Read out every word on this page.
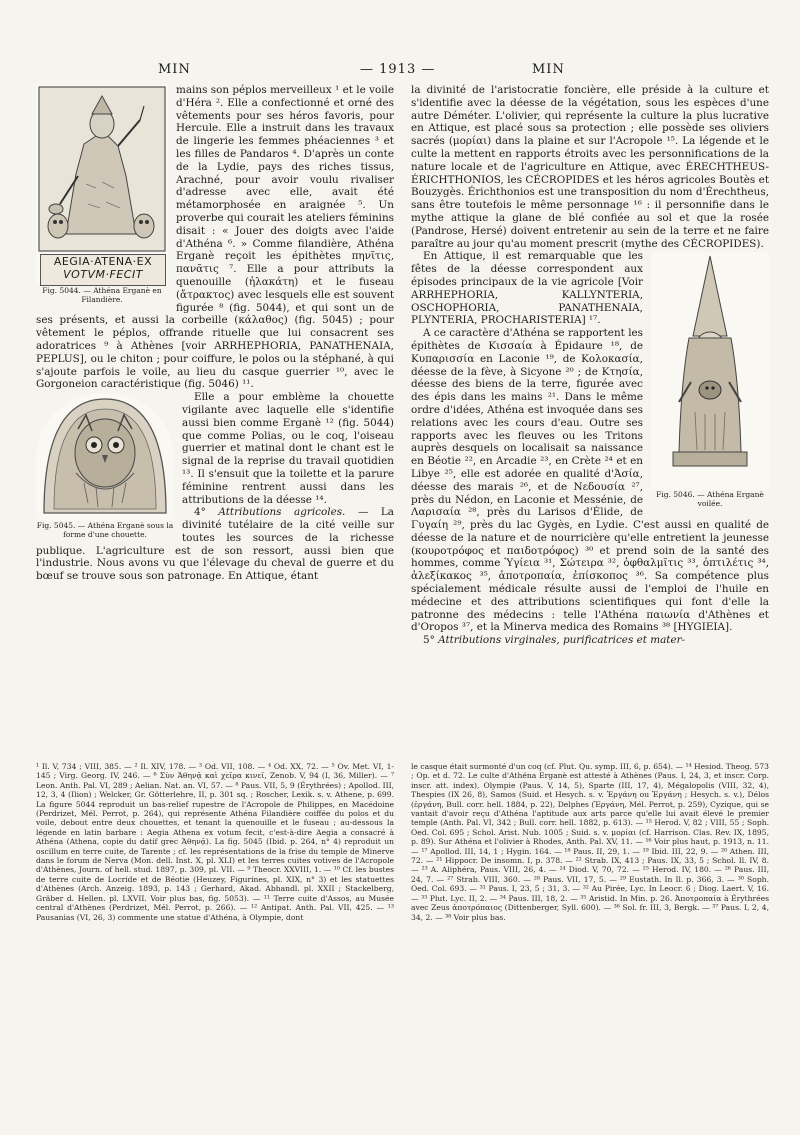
MIN	— 1913 —	MIN
AEGIA·ATENA·EX
VOTVM·FECIT
Fig. 5044. — Athéna Erganè en Filandière.

mains son péplos merveilleux ¹ et le voile d'Héra ². Elle a confectionné et orné des vêtements pour ses héros favoris, pour Hercule. Elle a instruit dans les travaux de lingerie les femmes phéaciennes ³ et les filles de Pandaros ⁴. D'après un conte de la Lydie, pays des riches tissus, Arachné, pour avoir voulu rivaliser d'adresse avec elle, avait été métamorphosée en araignée ⁵. Un proverbe qui courait les ateliers féminins disait : « Jouer des doigts avec l'aide d'Athéna ⁶. » Comme filandière, Athéna Erganè reçoit les épithètes πηνῖτις, πανᾶτις ⁷. Elle a pour attributs la quenouille (ἠλακάτη) et le fuseau (ἄτρακτος) avec lesquels elle est souvent figurée ⁸ (fig. 5044), et qui sont un de ses présents, et aussi la corbeille (κάλαθος) (fig. 5045) ; pour vêtement le péplos, offrande rituelle que lui consacrent ses adoratrices ⁹ à Athènes [voir ARRHEPHORIA, PANATHENAIA, PEPLUS], ou le chiton ; pour coiffure, le polos ou la stéphané, à qui s'ajoute parfois le voile, au lieu du casque guerrier ¹⁰, avec le Gorgoneion caractéristique (fig. 5046) ¹¹.

Fig. 5045. — Athéna Erganè sous la forme d'une chouette.
Elle a pour emblème la chouette vigilante avec laquelle elle s'identifie aussi bien comme Erganè ¹² (fig. 5044) que comme Polias, ou le coq, l'oiseau guerrier et matinal dont le chant est le signal de la reprise du travail quotidien ¹³. Il s'ensuit que la toilette et la parure féminine rentrent aussi dans les attributions de la déesse ¹⁴.

4° Attributions agricoles. — La divinité tutélaire de la cité veille sur toutes les sources de la richesse publique. L'agriculture est de son ressort, aussi bien que l'industrie. Nous avons vu que l'élevage du cheval de guerre et du bœuf se trouve sous son patronage. En Attique, étant

la divinité de l'aristocratie foncière, elle préside à la culture et s'identifie avec la déesse de la végétation, sous les espèces d'une autre Déméter. L'olivier, qui représente la culture la plus lucrative en Attique, est placé sous sa protection ; elle possède ses oliviers sacrés (μορίαι) dans la plaine et sur l'Acropole ¹⁵. La légende et le culte la mettent en rapports étroits avec les personnifications de la nature locale et de l'agriculture en Attique, avec ÉRECHTHEUS-ÉRICHTHONIOS, les CÉCROPIDES et les héros agricoles Boutès et Bouzygès. Érichthonios est une transposition du nom d'Érechtheus, sans être toutefois le même personnage ¹⁶ : il personnifie dans le mythe attique la glane de blé confiée au sol et que la rosée (Pandrose, Hersé) doivent entretenir au sein de la terre et ne faire paraître au jour qu'au moment prescrit (mythe des CÉCROPIDES).

Fig. 5046. — Athéna Erganè voilée.

En Attique, il est remarquable que les fêtes de la déesse correspondent aux épisodes principaux de la vie agricole [Voir ARRHEPHORIA, KALLYNTERIA, OSCHOPHORIA, PANATHENAIA, PLYNTERIA, PROCHARISTERIA] ¹⁷.

A ce caractère d'Athéna se rapportent les épithètes de Κισσαία à Épidaure ¹⁸, de Κυπαρισσία en Laconie ¹⁹, de Κολοκασία, déesse de la fève, à Sicyone ²⁰ ; de Κτησία, déesse des biens de la terre, figurée avec des épis dans les mains ²¹. Dans le même ordre d'idées, Athéna est invoquée dans ses relations avec les cours d'eau. Outre ses rapports avec les fleuves ou les Tritons auprès desquels on localisait sa naissance en Béotie ²², en Arcadie ²³, en Crète ²⁴ et en Libye ²⁵, elle est adorée en qualité d'Ἀσία, déesse des marais ²⁶, et de Νεδουσία ²⁷, près du Nédon, en Laconie et Messénie, de Λαρισαία ²⁸, près du Larisos d'Élide, de Γυγαίη ²⁹, près du lac Gygès, en Lydie. C'est aussi en qualité de déesse de la nature et de nourricière qu'elle entretient la jeunesse (κουροτρόφος et παιδοτρόφος) ³⁰ et prend soin de la santé des hommes, comme Ὑγίεια ³¹, Σώτειρα ³², ὀφθαλμῖτις ³³, ὀπτιλέτις ³⁴, ἀλεξίκακος ³⁵, ἀποτροπαία, ἐπίσκοπος ³⁶. Sa compétence plus spécialement médicale résulte aussi de l'emploi de l'huile en médecine et des attributions scientifiques qui font d'elle la patronne des médecins : telle l'Athéna παιωνία d'Athènes et d'Oropos ³⁷, et la Minerva medica des Romains ³⁸ [HYGIEIA].

5° Attributions virginales, purificatrices et mater-

¹ Il. V, 734 ; VIII, 385. — ² Il. XIV, 178. — ³ Od. VII, 108. — ⁴ Od. XX, 72. — ⁵ Ov. Met. VI, 1-145 ; Virg. Georg. IV, 246. — ⁶ Σὺν Ἀθηνᾷ καὶ χεῖρα κινεῖ, Zenob. V, 94 (I, 36, Miller). — ⁷ Leon. Anth. Pal. VI, 289 ; Aelian. Nat. an. VI, 57. — ⁸ Paus. VII, 5, 9 (Érythrées) ; Apollod. III, 12, 3, 4 (Ilion) ; Welcker, Gr. Götterlehre, II, p. 301 sq. ; Roscher, Lexik. s. v. Athene, p. 699. La figure 5044 reproduit un bas-relief rupestre de l'Acropole de Philippes, en Macédoine (Perdrizet, Mél. Perrot, p. 264), qui représente Athéna Filandière coiffée du polos et du voile, debout entre deux chouettes, et tenant la quenouille et le fuseau ; au-dessous la légende en latin barbare : Aegia Athena ex votum fecit, c'est-à-dire Aegia a consacré à Athéna (Athena, copie du datif grec Ἀθηνᾷ). La fig. 5045 (Ibid. p. 264, n° 4) reproduit un oscillum en terre cuite, de Tarente ; cf. les représentations de la frise du temple de Minerve dans le forum de Nerva (Mon. dell. Inst. X, pl. XLI) et les terres cuites votives de l'Acropole d'Athènes, Journ. of hell. stud. 1897, p. 309, pl. VII. — ⁹ Theocr. XXVIII, 1. — ¹⁰ Cf. les bustes de terre cuite de Locride et de Béotie (Heuzey, Figurines, pl. XIX, n° 3) et les statuettes d'Athènes (Arch. Anzeig. 1893, p. 143 ; Gerhard, Akad. Abhandl. pl. XXII ; Stackelberg, Gräber d. Hellen. pl. LXVII. Voir plus bas, fig. 5053). — ¹¹ Terre cuite d'Assos, au Musée central d'Athènes (Perdrizet, Mél. Perrot, p. 266). — ¹² Antipat. Anth. Pal. VII, 425. — ¹³ Pausanias (VI, 26, 3) commente une statue d'Athéna, à Olympie, dont
le casque était surmonté d'un coq (cf. Plut. Qu. symp. III, 6, p. 654). — ¹⁴ Hesiod. Theog. 573 ; Op. et d. 72. Le culte d'Athéna Erganè est attesté à Athènes (Paus. I, 24, 3, et inscr. Corp. inscr. att. index), Olympie (Paus. V, 14, 5), Sparte (III, 17, 4), Mégalopolis (VIII, 32, 4), Thespies (IX 26, 8), Samos (Suid. et Hesych. s. v. Ἐργάνη ou Ἐργάνη ; Hesych. s. v.), Délos (ἐργάνη, Bull. corr. hell. 1884, p. 22), Delphes (Ἐργάνη, Mél. Perrot, p. 259), Cyzique, qui se vantait d'avoir reçu d'Athéna l'aptitude aux arts parce qu'elle lui avait élevé le premier temple (Anth. Pal. VI, 342 ; Bull. corr. hell. 1882, p. 613). — ¹⁵ Herod. V, 82 ; VIII, 55 ; Soph. Oed. Col. 695 ; Schol. Arist. Nub. 1005 ; Suid. s. v. μορίαι (cf. Harrison. Clas. Rev. IX, 1895, p. 89). Sur Athéna et l'olivier à Rhodes, Anth. Pal. XV, 11. — ¹⁶ Voir plus haut, p. 1913, n. 11. — ¹⁷ Apollod. III, 14, 1 ; Hygin. 164. — ¹⁸ Paus. II, 29, 1. — ¹⁹ Ibid. III, 22, 9. — ²⁰ Athen. III, 72. — ²¹ Hippocr. De insomn. I, p. 378. — ²² Strab. IX, 413 ; Paus. IX, 33, 5 ; Schol. Il. IV, 8. — ²³ A. Aliphéra, Paus. VIII, 26, 4. — ²⁴ Diod. V, 70, 72. — ²⁵ Herod. IV, 180. — ²⁶ Paus. III, 24, 7. — ²⁷ Strab. VIII, 360. — ²⁸ Paus. VII, 17, 5. — ²⁹ Eustath. In Il. p. 366, 3. — ³⁰ Soph. Oed. Col. 693. — ³¹ Paus. I, 23, 5 ; 31, 3. — ³² Au Pirée, Lyc. In Leocr. 6 ; Diog. Laert. V, 16. — ³³ Plut. Lyc. II, 2. — ³⁴ Paus. III, 18, 2. — ³⁵ Aristid. In Min. p. 26. Ἀποτροπαία à Érythrées avec Zeus ἀποτρόπαιος (Dittenberger, Syll. 600). — ³⁶ Sol. fr. III, 3, Bergk. — ³⁷ Paus. I, 2, 4, 34, 2. — ³⁸ Voir plus bas.
